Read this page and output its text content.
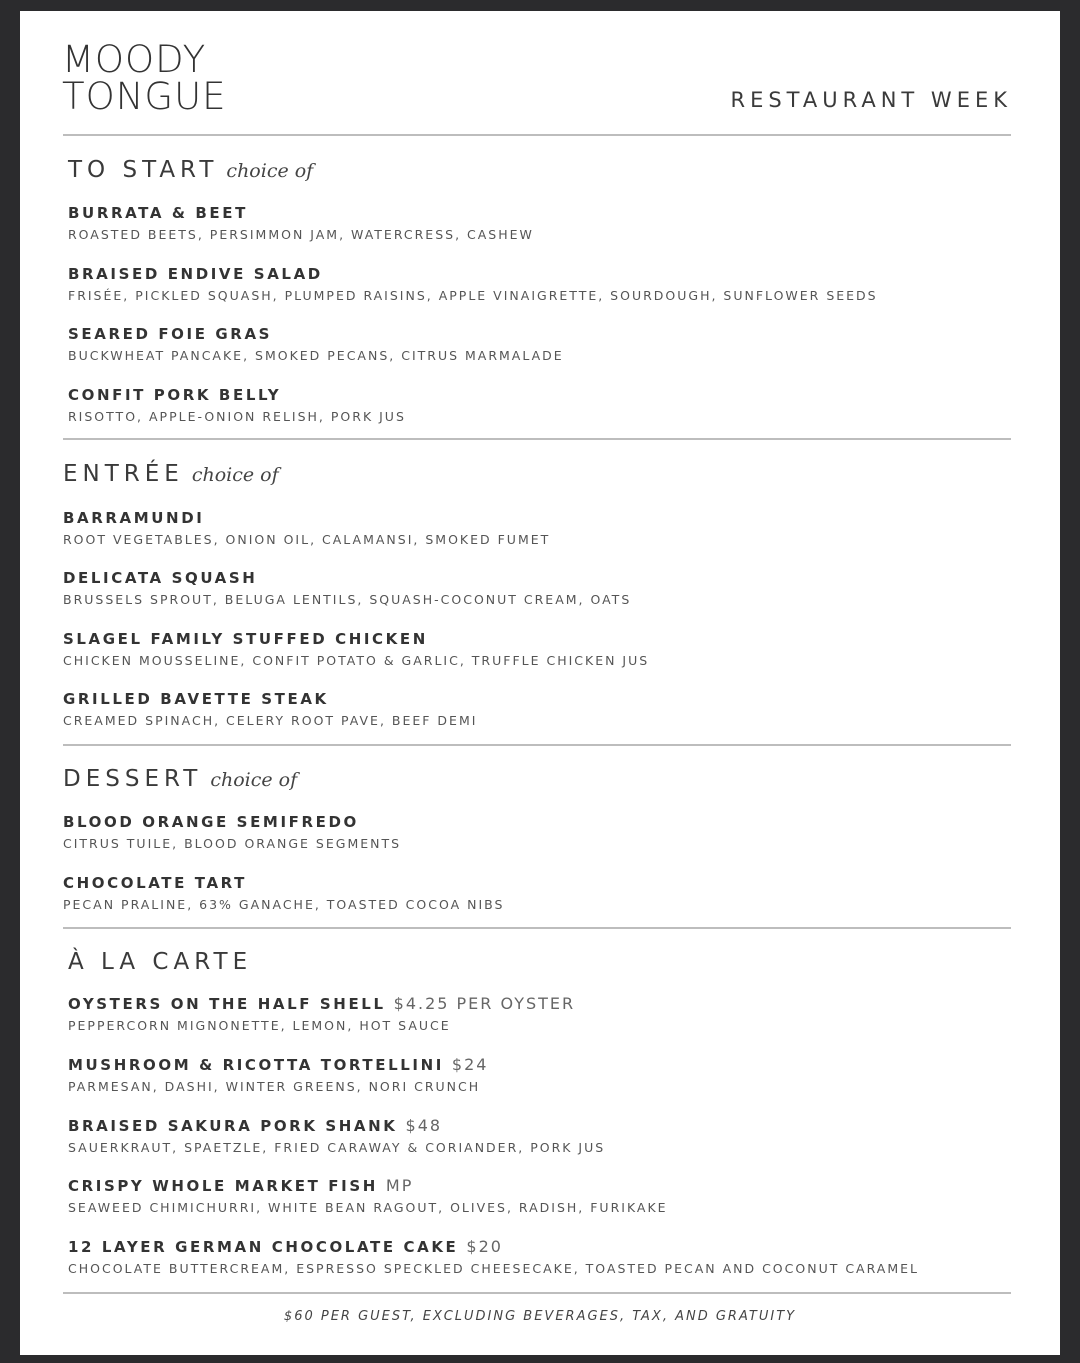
MOODY
TONGUE	RESTAURANT WEEK
TO START choice of
BURRATA & BEET
ROASTED BEETS, PERSIMMON JAM, WATERCRESS, CASHEW
BRAISED ENDIVE SALAD
FRISÉE, PICKLED SQUASH, PLUMPED RAISINS, APPLE VINAIGRETTE, SOURDOUGH, SUNFLOWER SEEDS
SEARED FOIE GRAS
BUCKWHEAT PANCAKE, SMOKED PECANS, CITRUS MARMALADE
CONFIT PORK BELLY
RISOTTO, APPLE-ONION RELISH, PORK JUS
ENTRÉE choice of
BARRAMUNDI
ROOT VEGETABLES, ONION OIL, CALAMANSI, SMOKED FUMET
DELICATA SQUASH
BRUSSELS SPROUT, BELUGA LENTILS, SQUASH-COCONUT CREAM, OATS
SLAGEL FAMILY STUFFED CHICKEN
CHICKEN MOUSSELINE, CONFIT POTATO & GARLIC, TRUFFLE CHICKEN JUS
GRILLED BAVETTE STEAK
CREAMED SPINACH, CELERY ROOT PAVE, BEEF DEMI
DESSERT choice of
BLOOD ORANGE SEMIFREDO
CITRUS TUILE, BLOOD ORANGE SEGMENTS
CHOCOLATE TART
PECAN PRALINE, 63% GANACHE, TOASTED COCOA NIBS
À LA CARTE
OYSTERS ON THE HALF SHELL $4.25 PER OYSTER
PEPPERCORN MIGNONETTE, LEMON, HOT SAUCE
MUSHROOM & RICOTTA TORTELLINI $24
PARMESAN, DASHI, WINTER GREENS, NORI CRUNCH
BRAISED SAKURA PORK SHANK $48
SAUERKRAUT, SPAETZLE, FRIED CARAWAY & CORIANDER, PORK JUS
CRISPY WHOLE MARKET FISH MP
SEAWEED CHIMICHURRI, WHITE BEAN RAGOUT, OLIVES, RADISH, FURIKAKE
12 LAYER GERMAN CHOCOLATE CAKE $20
CHOCOLATE BUTTERCREAM, ESPRESSO SPECKLED CHEESECAKE, TOASTED PECAN AND COCONUT CARAMEL
$60 PER GUEST, EXCLUDING BEVERAGES, TAX, AND GRATUITY
